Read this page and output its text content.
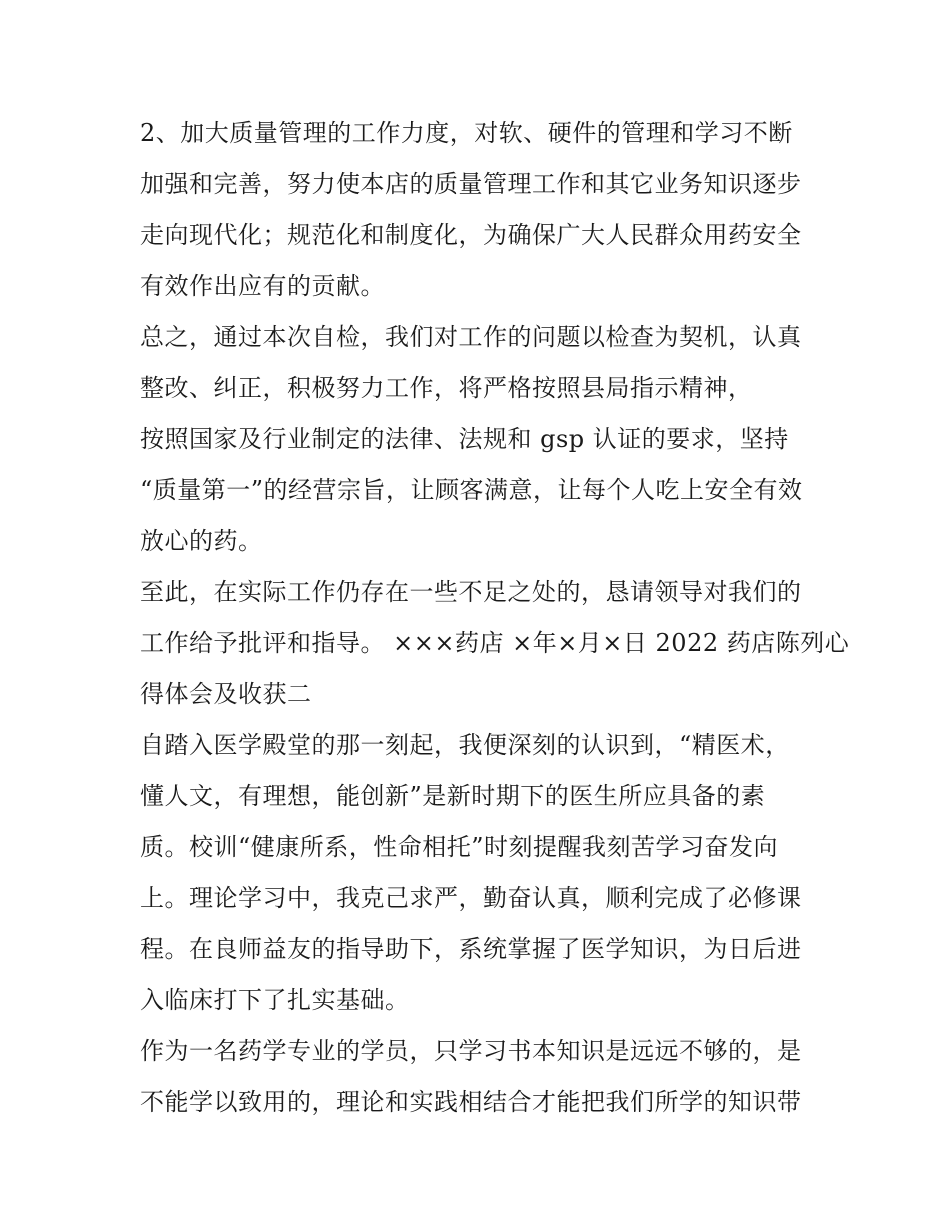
2、加大质量管理的工作力度，对软、硬件的管理和学习不断
加强和完善，努力使本店的质量管理工作和其它业务知识逐步
走向现代化；规范化和制度化，为确保广大人民群众用药安全
有效作出应有的贡献。
总之，通过本次自检，我们对工作的问题以检查为契机，认真
整改、纠正，积极努力工作，将严格按照县局指示精神，
按照国家及行业制定的法律、法规和 gsp 认证的要求，坚持
“质量第一”的经营宗旨，让顾客满意，让每个人吃上安全有效
放心的药。
至此，在实际工作仍存在一些不足之处的，恳请领导对我们的
工作给予批评和指导。 ×××药店 ×年×月×日 2022 药店陈列心
得体会及收获二
自踏入医学殿堂的那一刻起，我便深刻的认识到，“精医术，
懂人文，有理想，能创新”是新时期下的医生所应具备的素
质。校训“健康所系，性命相托”时刻提醒我刻苦学习奋发向
上。理论学习中，我克己求严，勤奋认真，顺利完成了必修课
程。在良师益友的指导助下，系统掌握了医学知识，为日后进
入临床打下了扎实基础。
作为一名药学专业的学员，只学习书本知识是远远不够的，是
不能学以致用的，理论和实践相结合才能把我们所学的知识带
